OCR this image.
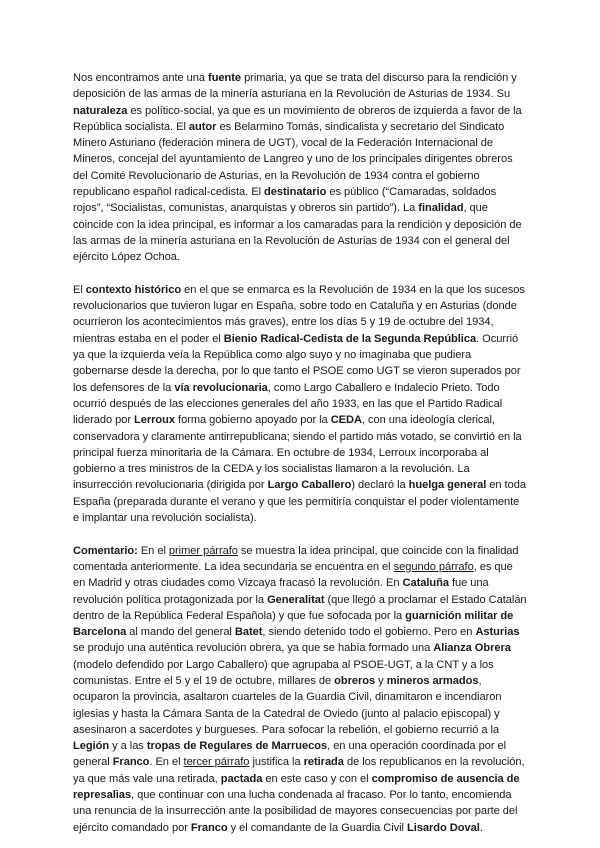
Nos encontramos ante una fuente primaria, ya que se trata del discurso para la rendición y deposición de las armas de la minería asturiana en la Revolución de Asturias de 1934. Su naturaleza es político-social, ya que es un movimiento de obreros de izquierda a favor de la República socialista. El autor es Belarmino Tomás, sindicalista y secretario del Sindicato Minero Asturiano (federación minera de UGT), vocal de la Federación Internacional de Mineros, concejal del ayuntamiento de Langreo y uno de los principales dirigentes obreros del Comité Revolucionario de Asturias, en la Revolución de 1934 contra el gobierno republicano español radical-cedista. El destinatario es público (“Camaradas, soldados rojos”, “Socialistas, comunistas, anarquistas y obreros sin partido”). La finalidad, que coincide con la idea principal, es informar a los camaradas para la rendición y deposición de las armas de la minería asturiana en la Revolución de Asturias de 1934 con el general del ejército López Ochoa.

El contexto histórico en el que se enmarca es la Revolución de 1934 en la que los sucesos revolucionarios que tuvieron lugar en España, sobre todo en Cataluña y en Asturias (donde ocurrieron los acontecimientos más graves), entre los días 5 y 19 de octubre del 1934, mientras estaba en el poder el Bienio Radical-Cedista de la Segunda República. Ocurrió ya que la izquierda veía la República como algo suyo y no imaginaba que pudiera gobernarse desde la derecha, por lo que tanto el PSOE como UGT se vieron superados por los defensores de la vía revolucionaria, como Largo Caballero e Indalecio Prieto. Todo ocurrió después de las elecciones generales del año 1933, en las que el Partido Radical liderado por Lerroux forma gobierno apoyado por la CEDA, con una ideología clerical, conservadora y claramente antirrepublicana; siendo el partido más votado, se convirtió en la principal fuerza minoritaria de la Cámara. En octubre de 1934, Lerroux incorporaba al gobierno a tres ministros de la CEDA y los socialistas llamaron a la revolución. La insurrección revolucionaria (dirigida por Largo Caballero) declaró la huelga general en toda España (preparada durante el verano y que les permitiría conquistar el poder violentamente e implantar una revolución socialista).

Comentario: En el primer párrafo se muestra la idea principal, que coincide con la finalidad comentada anteriormente. La idea secundaria se encuentra en el segundo párrafo, es que en Madrid y otras ciudades como Vizcaya fracasó la revolución. En Cataluña fue una revolución política protagonizada por la Generalitat (que llegó a proclamar el Estado Catalán dentro de la República Federal Española) y que fue sofocada por la guarnición militar de Barcelona al mando del general Batet, siendo detenido todo el gobierno. Pero en Asturias se produjo una auténtica revolución obrera, ya que se había formado una Alianza Obrera (modelo defendido por Largo Caballero) que agrupaba al PSOE-UGT, a la CNT y a los comunistas. Entre el 5 y el 19 de octubre, millares de obreros y mineros armados, ocuparon la provincia, asaltaron cuarteles de la Guardia Civil, dinamitaron e incendiaron iglesias y hasta la Cámara Santa de la Catedral de Oviedo (junto al palacio episcopal) y asesinaron a sacerdotes y burgueses. Para sofocar la rebelión, el gobierno recurrió a la Legión y a las tropas de Regulares de Marruecos, en una operación coordinada por el general Franco. En el tercer párrafo justifica la retirada de los republicanos en la revolución, ya que más vale una retirada, pactada en este caso y con el compromiso de ausencia de represalias, que continuar con una lucha condenada al fracaso. Por lo tanto, encomienda una renuncia de la insurrección ante la posibilidad de mayores consecuencias por parte del ejército comandado por Franco y el comandante de la Guardia Civil Lisardo Doval.
